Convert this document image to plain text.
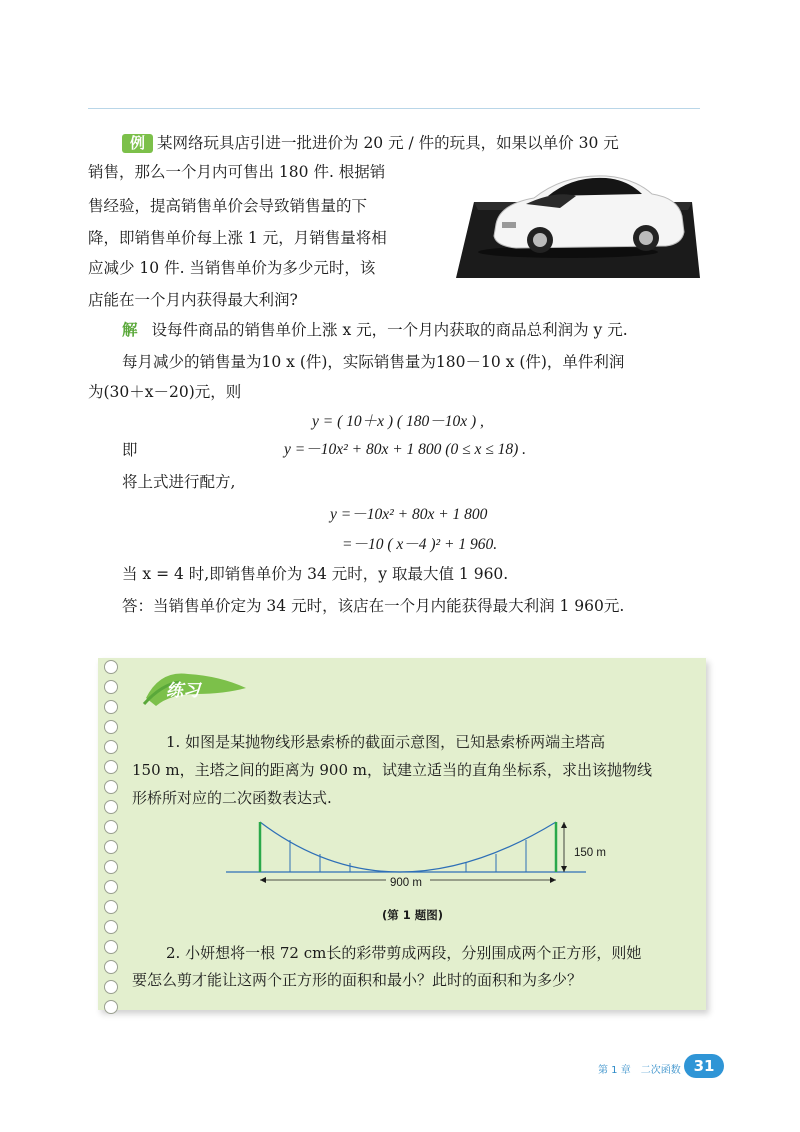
例 某网络玩具店引进一批进价为 20 元 / 件的玩具，如果以单价 30 元
销售，那么一个月内可售出 180 件. 根据销
售经验，提高销售单价会导致销售量的下
降，即销售单价每上涨 1 元，月销售量将相
应减少 10 件. 当销售单价为多少元时，该
店能在一个月内获得最大利润?
解 设每件商品的销售单价上涨 x 元，一个月内获取的商品总利润为 y 元.
每月减少的销售量为10 x (件)，实际销售量为180－10 x (件)，单件利润
为(30＋x－20)元，则
y = ( 10＋x ) ( 180－10x ) ,
即	y =－10x² + 80x + 1 800 (0 ≤ x ≤ 18) .
将上式进行配方,
y =－10x² + 80x + 1 800
=－10 ( x－4 )² + 1 960.
当 x = 4 时,即销售单价为 34 元时，y 取最大值 1 960.
答：当销售单价定为 34 元时，该店在一个月内能获得最大利润 1 960元.
练习
1. 如图是某抛物线形悬索桥的截面示意图，已知悬索桥两端主塔高
150 m，主塔之间的距离为 900 m，试建立适当的直角坐标系，求出该抛物线
形桥所对应的二次函数表达式.
150 m
900 m
(第 1 题图)
2. 小妍想将一根 72 cm长的彩带剪成两段，分别围成两个正方形，则她
要怎么剪才能让这两个正方形的面积和最小？此时的面积和为多少？
第 1 章　二次函数 31
